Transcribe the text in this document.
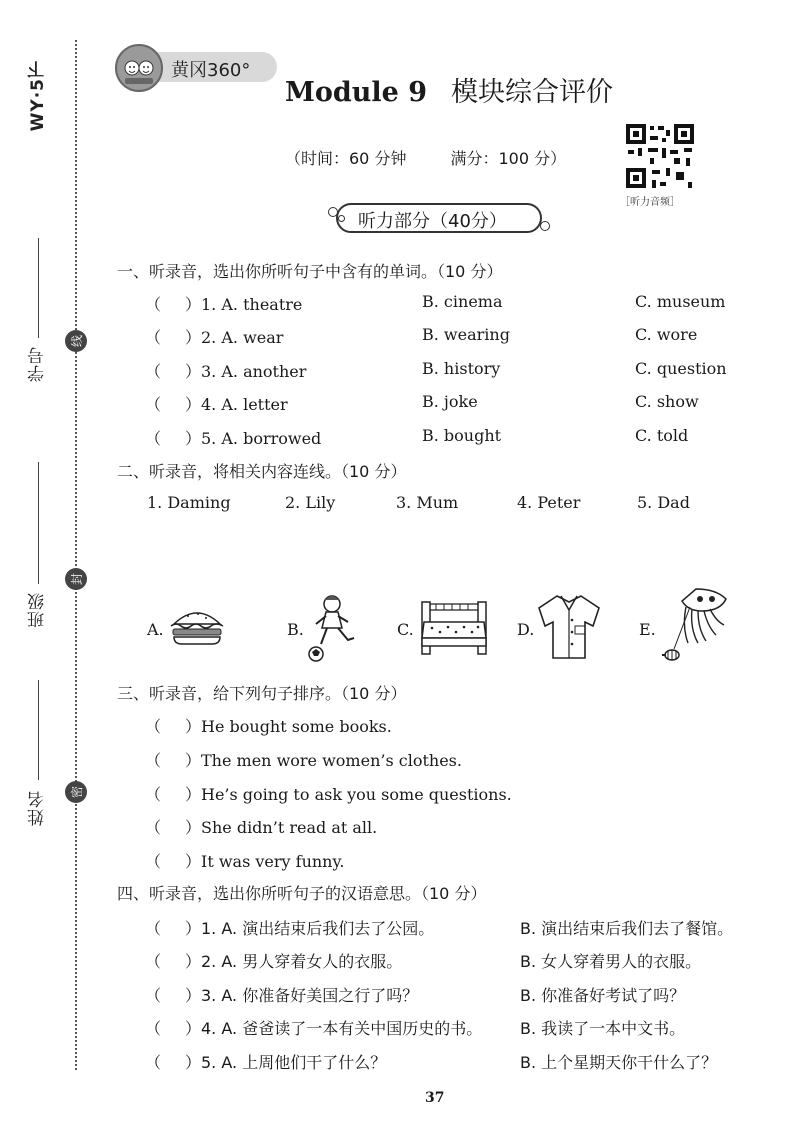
WY·5下
学号
班级
姓名
线
封
密
黄冈360°
Module 9 模块综合评价
（时间：60 分钟	满分：100 分）
［听力音频］
听力部分（40分）
一、听录音，选出你所听句子中含有的单词。（10 分）
（ ）1. A. theatre	B. cinema	C. museum
（ ）2. A. wear	B. wearing	C. wore
（ ）3. A. another	B. history	C. question
（ ）4. A. letter	B. joke	C. show
（ ）5. A. borrowed	B. bought	C. told
二、听录音，将相关内容连线。（10 分）
1. Daming	2. Lily	3. Mum	4. Peter	5. Dad
A.	B.	C.	D.	E.
三、听录音，给下列句子排序。（10 分）
（ ）He bought some books.
（ ）The men wore women’s clothes.
（ ）He’s going to ask you some questions.
（ ）She didn’t read at all.
（ ）It was very funny.
四、听录音，选出你所听句子的汉语意思。（10 分）
（ ）1. A. 演出结束后我们去了公园。	B. 演出结束后我们去了餐馆。
（ ）2. A. 男人穿着女人的衣服。	B. 女人穿着男人的衣服。
（ ）3. A. 你准备好美国之行了吗？	B. 你准备好考试了吗？
（ ）4. A. 爸爸读了一本有关中国历史的书。 B. 我读了一本中文书。
（ ）5. A. 上周他们干了什么？	B. 上个星期天你干什么了？
37
